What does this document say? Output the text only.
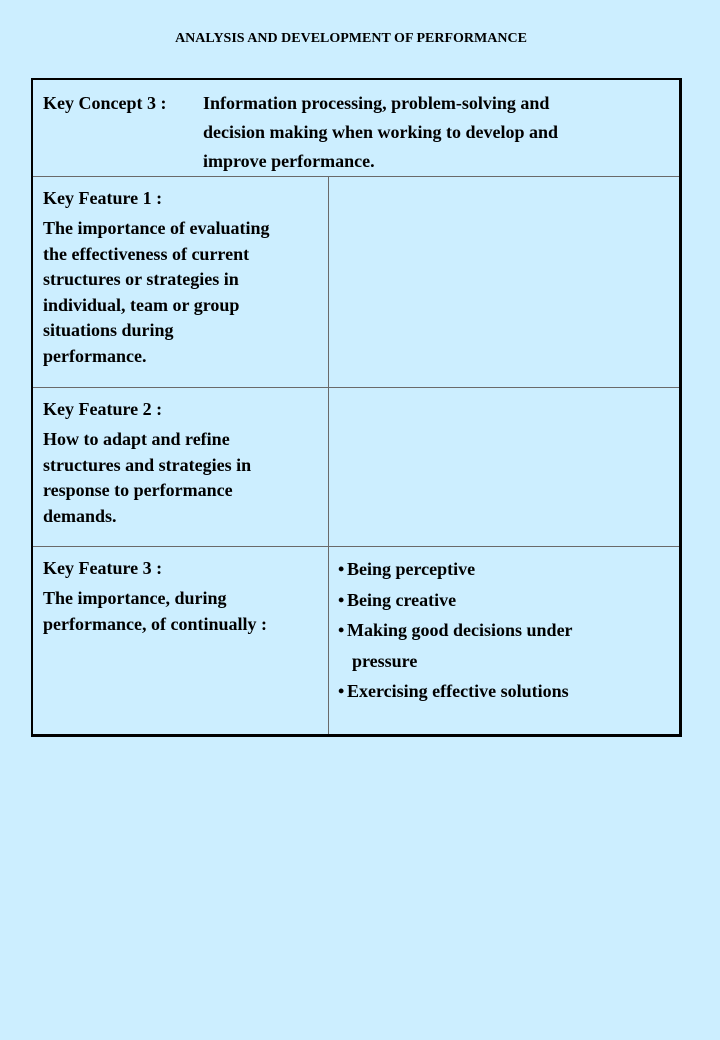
ANALYSIS AND DEVELOPMENT OF PERFORMANCE
Key Concept 3 : Information processing, problem-solving and
decision making when working to develop and
improve performance.
Key Feature 1 :
The importance of evaluating
the effectiveness of current
structures or strategies in
individual, team or group
situations during
performance.
Key Feature 2 :
How to adapt and refine
structures and strategies in
response to performance
demands.
Key Feature 3 :
The importance, during
performance, of continually :
• Being perceptive
• Being creative
• Making good decisions under
pressure
• Exercising effective solutions
